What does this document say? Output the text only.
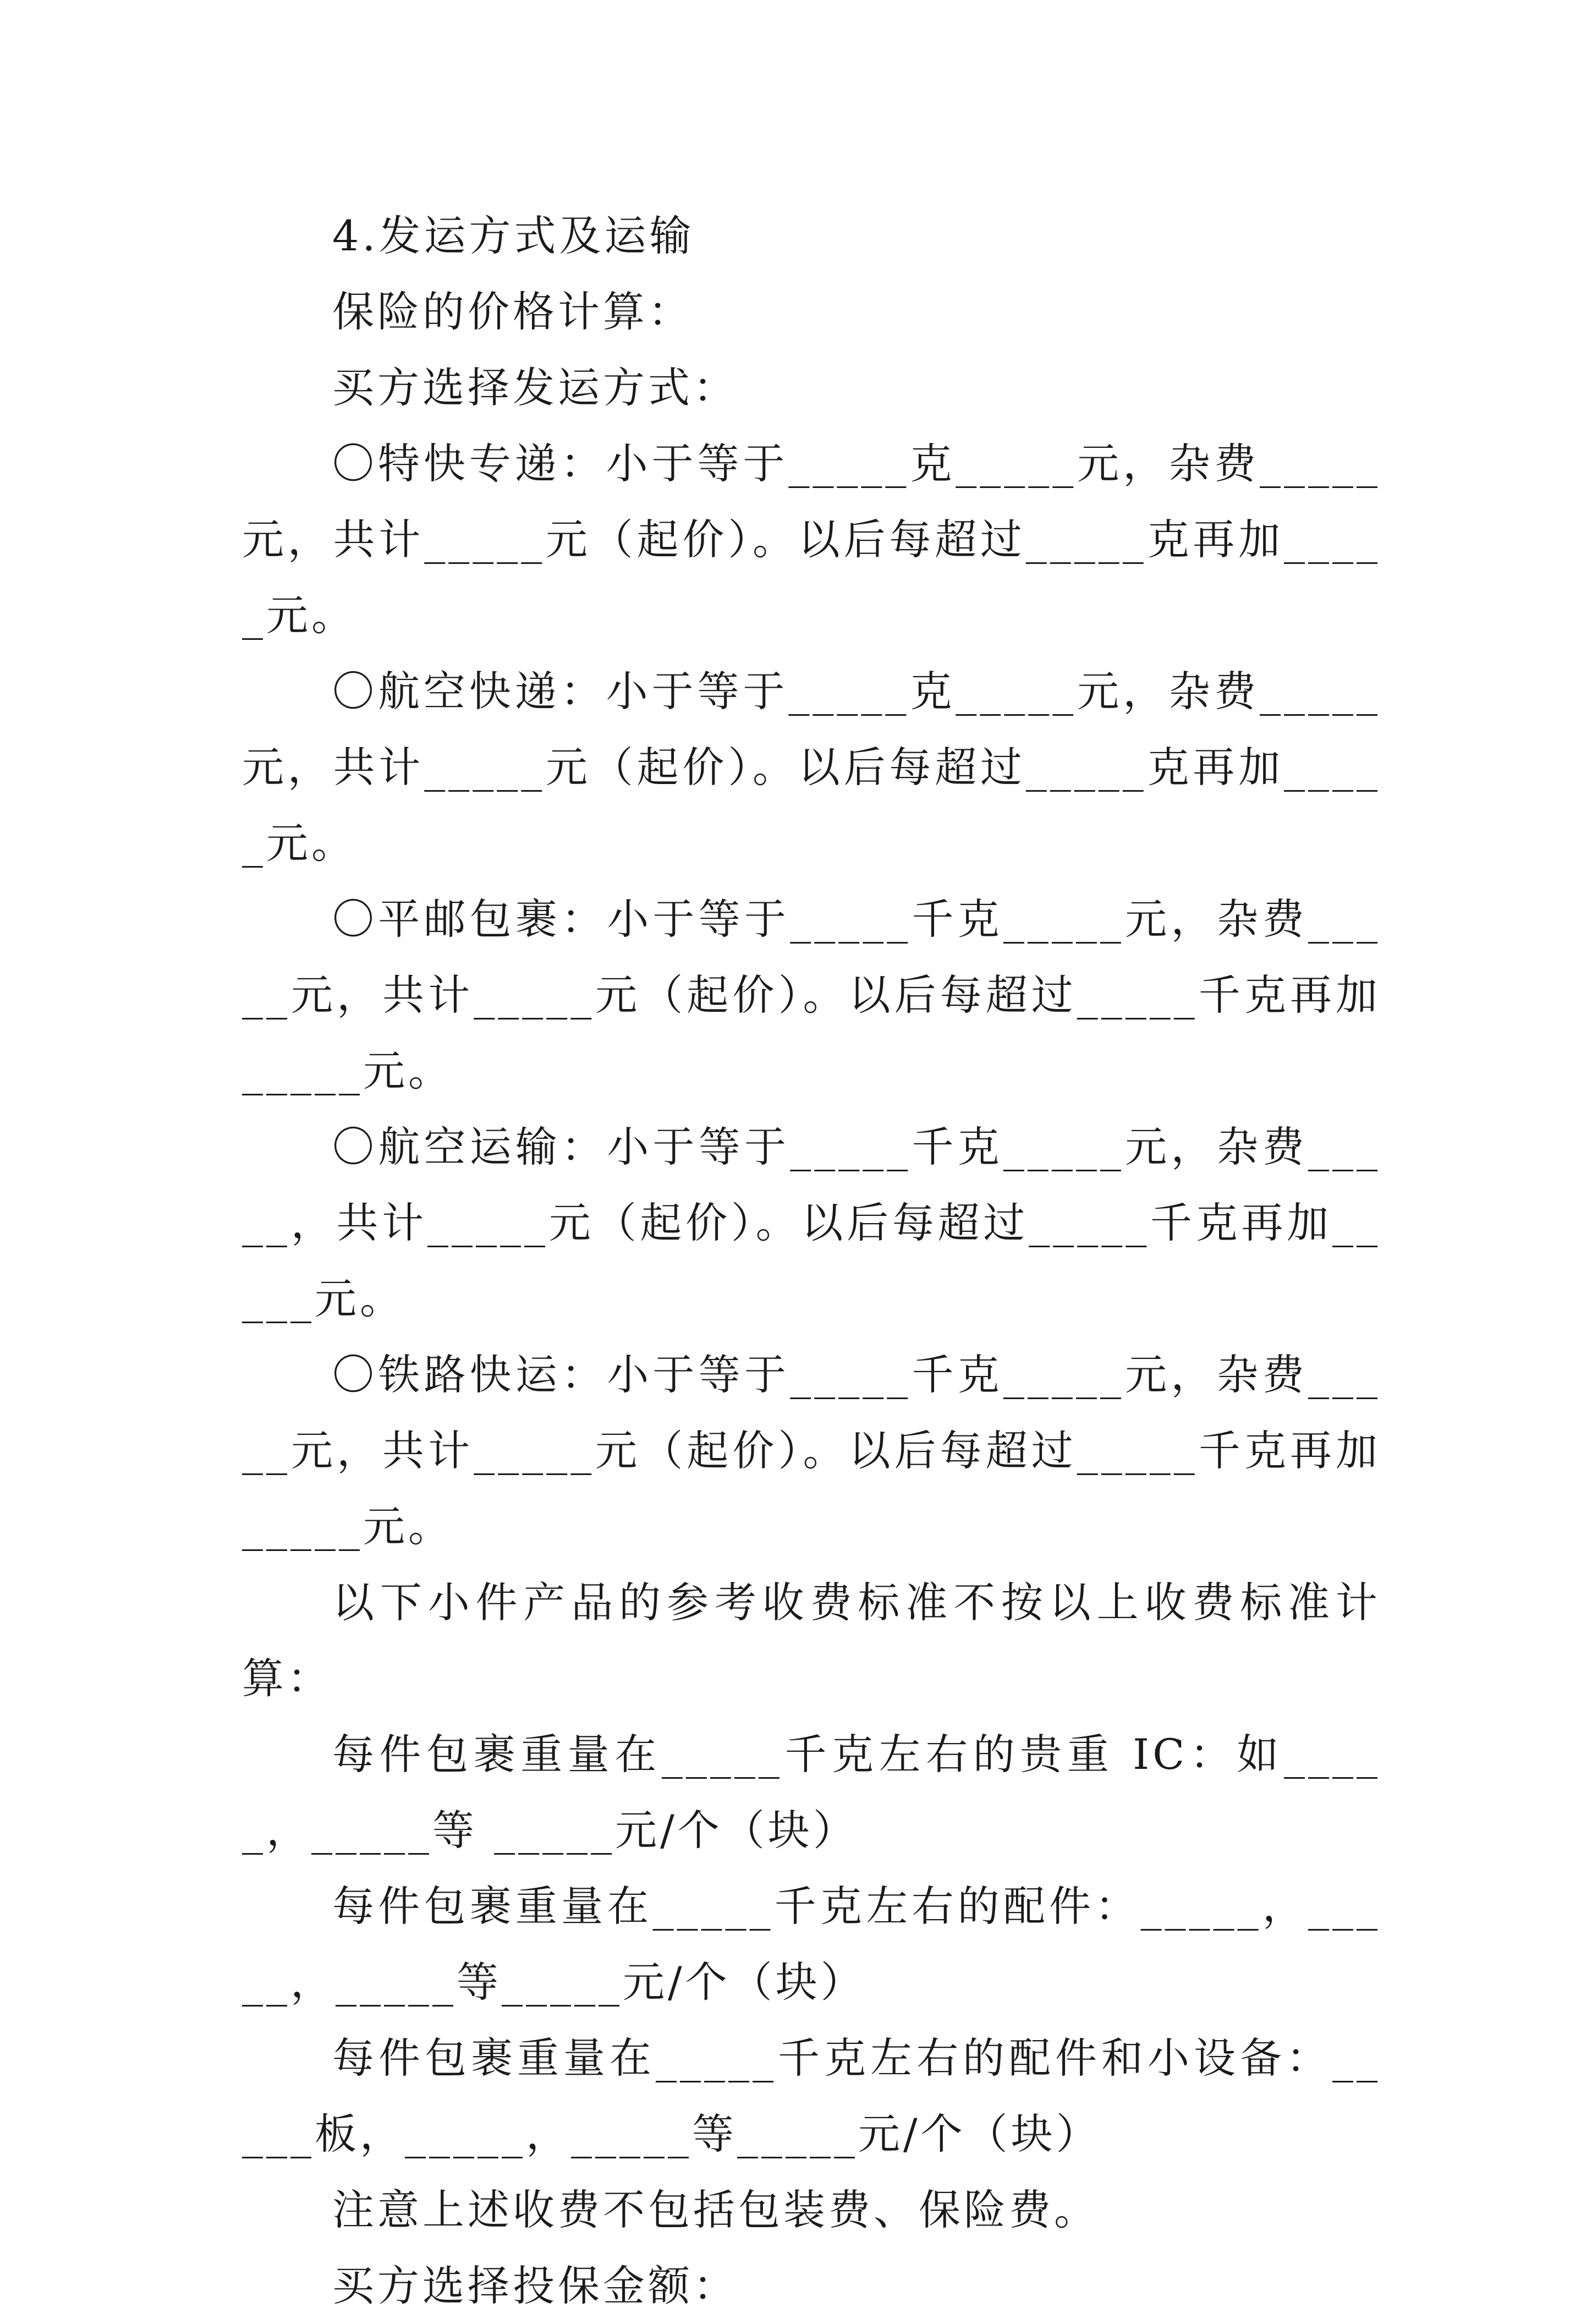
4.发运方式及运输

保险的价格计算：

买方选择发运方式：

〇特快专递：小于等于_____克_____元，杂费_____元，共计_____元（起价）。以后每超过_____克再加_____元。

〇航空快递：小于等于_____克_____元，杂费_____元，共计_____元（起价）。以后每超过_____克再加_____元。

〇平邮包裹：小于等于_____千克_____元，杂费_____元，共计_____元（起价）。以后每超过_____千克再加_____元。

〇航空运输：小于等于_____千克_____元，杂费_____，共计_____元（起价）。以后每超过_____千克再加_____元。

〇铁路快运：小于等于_____千克_____元，杂费_____元，共计_____元（起价）。以后每超过_____千克再加_____元。

以下小件产品的参考收费标准不按以上收费标准计算：

每件包裹重量在_____千克左右的贵重 IC：如_____，_____等 _____元/个（块）

每件包裹重量在_____千克左右的配件：_____，_____，_____等_____元/个（块）

每件包裹重量在_____千克左右的配件和小设备：_____板，_____，_____等_____元/个（块）

注意上述收费不包括包装费、保险费。

买方选择投保金额：
